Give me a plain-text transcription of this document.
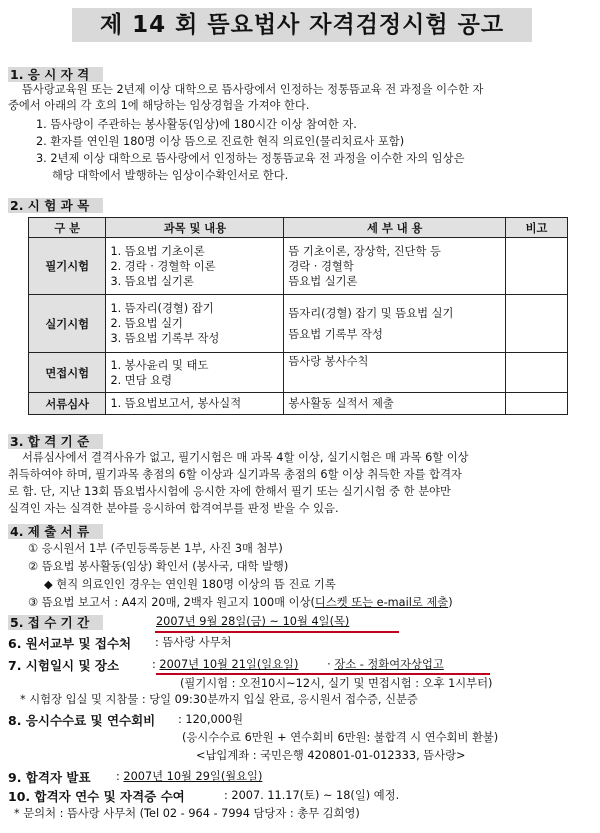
제 14 회 뜸요법사 자격검정시험 공고
1. 응 시 자 격
뜸사랑교육원 또는 2년제 이상 대학으로 뜸사랑에서 인정하는 정통뜸교육 전 과정을 이수한 자
중에서 아래의 각 호의 1에 해당하는 임상경험을 가져야 한다.
1. 뜸사랑이 주관하는 봉사활동(임상)에 180시간 이상 참여한 자.
2. 환자를 연인원 180명 이상 뜸으로 진료한 현직 의료인(물리치료사 포함)
3. 2년제 이상 대학으로 뜸사랑에서 인정하는 정통뜸교육 전 과정을 이수한 자의 임상은
해당 대학에서 발행하는 임상이수확인서로 한다.
2. 시 험 과 목
구 분	과목 및 내용	세 부 내 용	비고
필기시험	1. 뜸요법 기초이론
2. 경락 · 경혈학 이론
3. 뜸요법 실기론	뜸 기초이론, 장상학, 진단학 등
경락 · 경혈학
뜸요법 실기론	

실기시험	1. 뜸자리(경혈) 잡기
2. 뜸요법 실기
3. 뜸요법 기록부 작성	뜸자리(경혈) 잡기 및 뜸요법 실기
뜸요법 기록부 작성	

면접시험	1. 봉사윤리 및 태도
2. 면담 요령	뜸사랑 봉사수칙	

서류심사	1. 뜸요법보고서, 봉사실적	봉사활동 실적서 제출	

3. 합 격 기 준
서류심사에서 결격사유가 없고, 필기시험은 매 과목 4할 이상, 실기시험은 매 과목 6할 이상
취득하여야 하며, 필기과목 총점의 6할 이상과 실기과목 총점의 6할 이상 취득한 자를 합격자
로 함. 단, 지난 13회 뜸요법사시험에 응시한 자에 한해서 필기 또는 실기시험 중 한 분야만
실격인 자는 실격한 분야를 응시하여 합격여부를 판정 받을 수 있음.
4. 제 출 서 류
① 응시원서 1부 (주민등록등본 1부, 사진 3매 첨부)
② 뜸요법 봉사활동(임상) 확인서 (봉사국, 대학 발행)
◆ 현직 의료인인 경우는 연인원 180명 이상의 뜸 진료 기록
③ 뜸요법 보고서 : A4지 20매, 2백자 원고지 100매 이상(디스켓 또는 e-mail로 제출)
5. 접 수 기 간	2007년 9월 28일(금) ~ 10월 4일(목)
6. 원서교부 및 접수처 : 뜸사랑 사무처
7. 시험일시 및 장소	: 2007년 10월 21일(일요일)        · 장소 - 정화여자상업고
(필기시험 : 오전10시~12시, 실기 및 면접시험 : 오후 1시부터)
* 시험장 입실 및 지참물 : 당일 09:30분까지 입실 완료, 응시원서 접수증, 신분증
8. 응시수수료 및 연수회비 : 120,000원
(응시수수료 6만원 + 연수회비 6만원: 불합격 시 연수회비 환불)
<납입계좌 : 국민은행 420801-01-012333, 뜸사랑>
9. 합격자 발표 : 2007년 10월 29일(월요일)
10. 합격자 연수 및 자격증 수여	: 2007. 11.17(토) ~ 18(일) 예정.
* 문의처 : 뜸사랑 사무처 (Tel 02 - 964 - 7994 담당자 : 총무 김희영)
